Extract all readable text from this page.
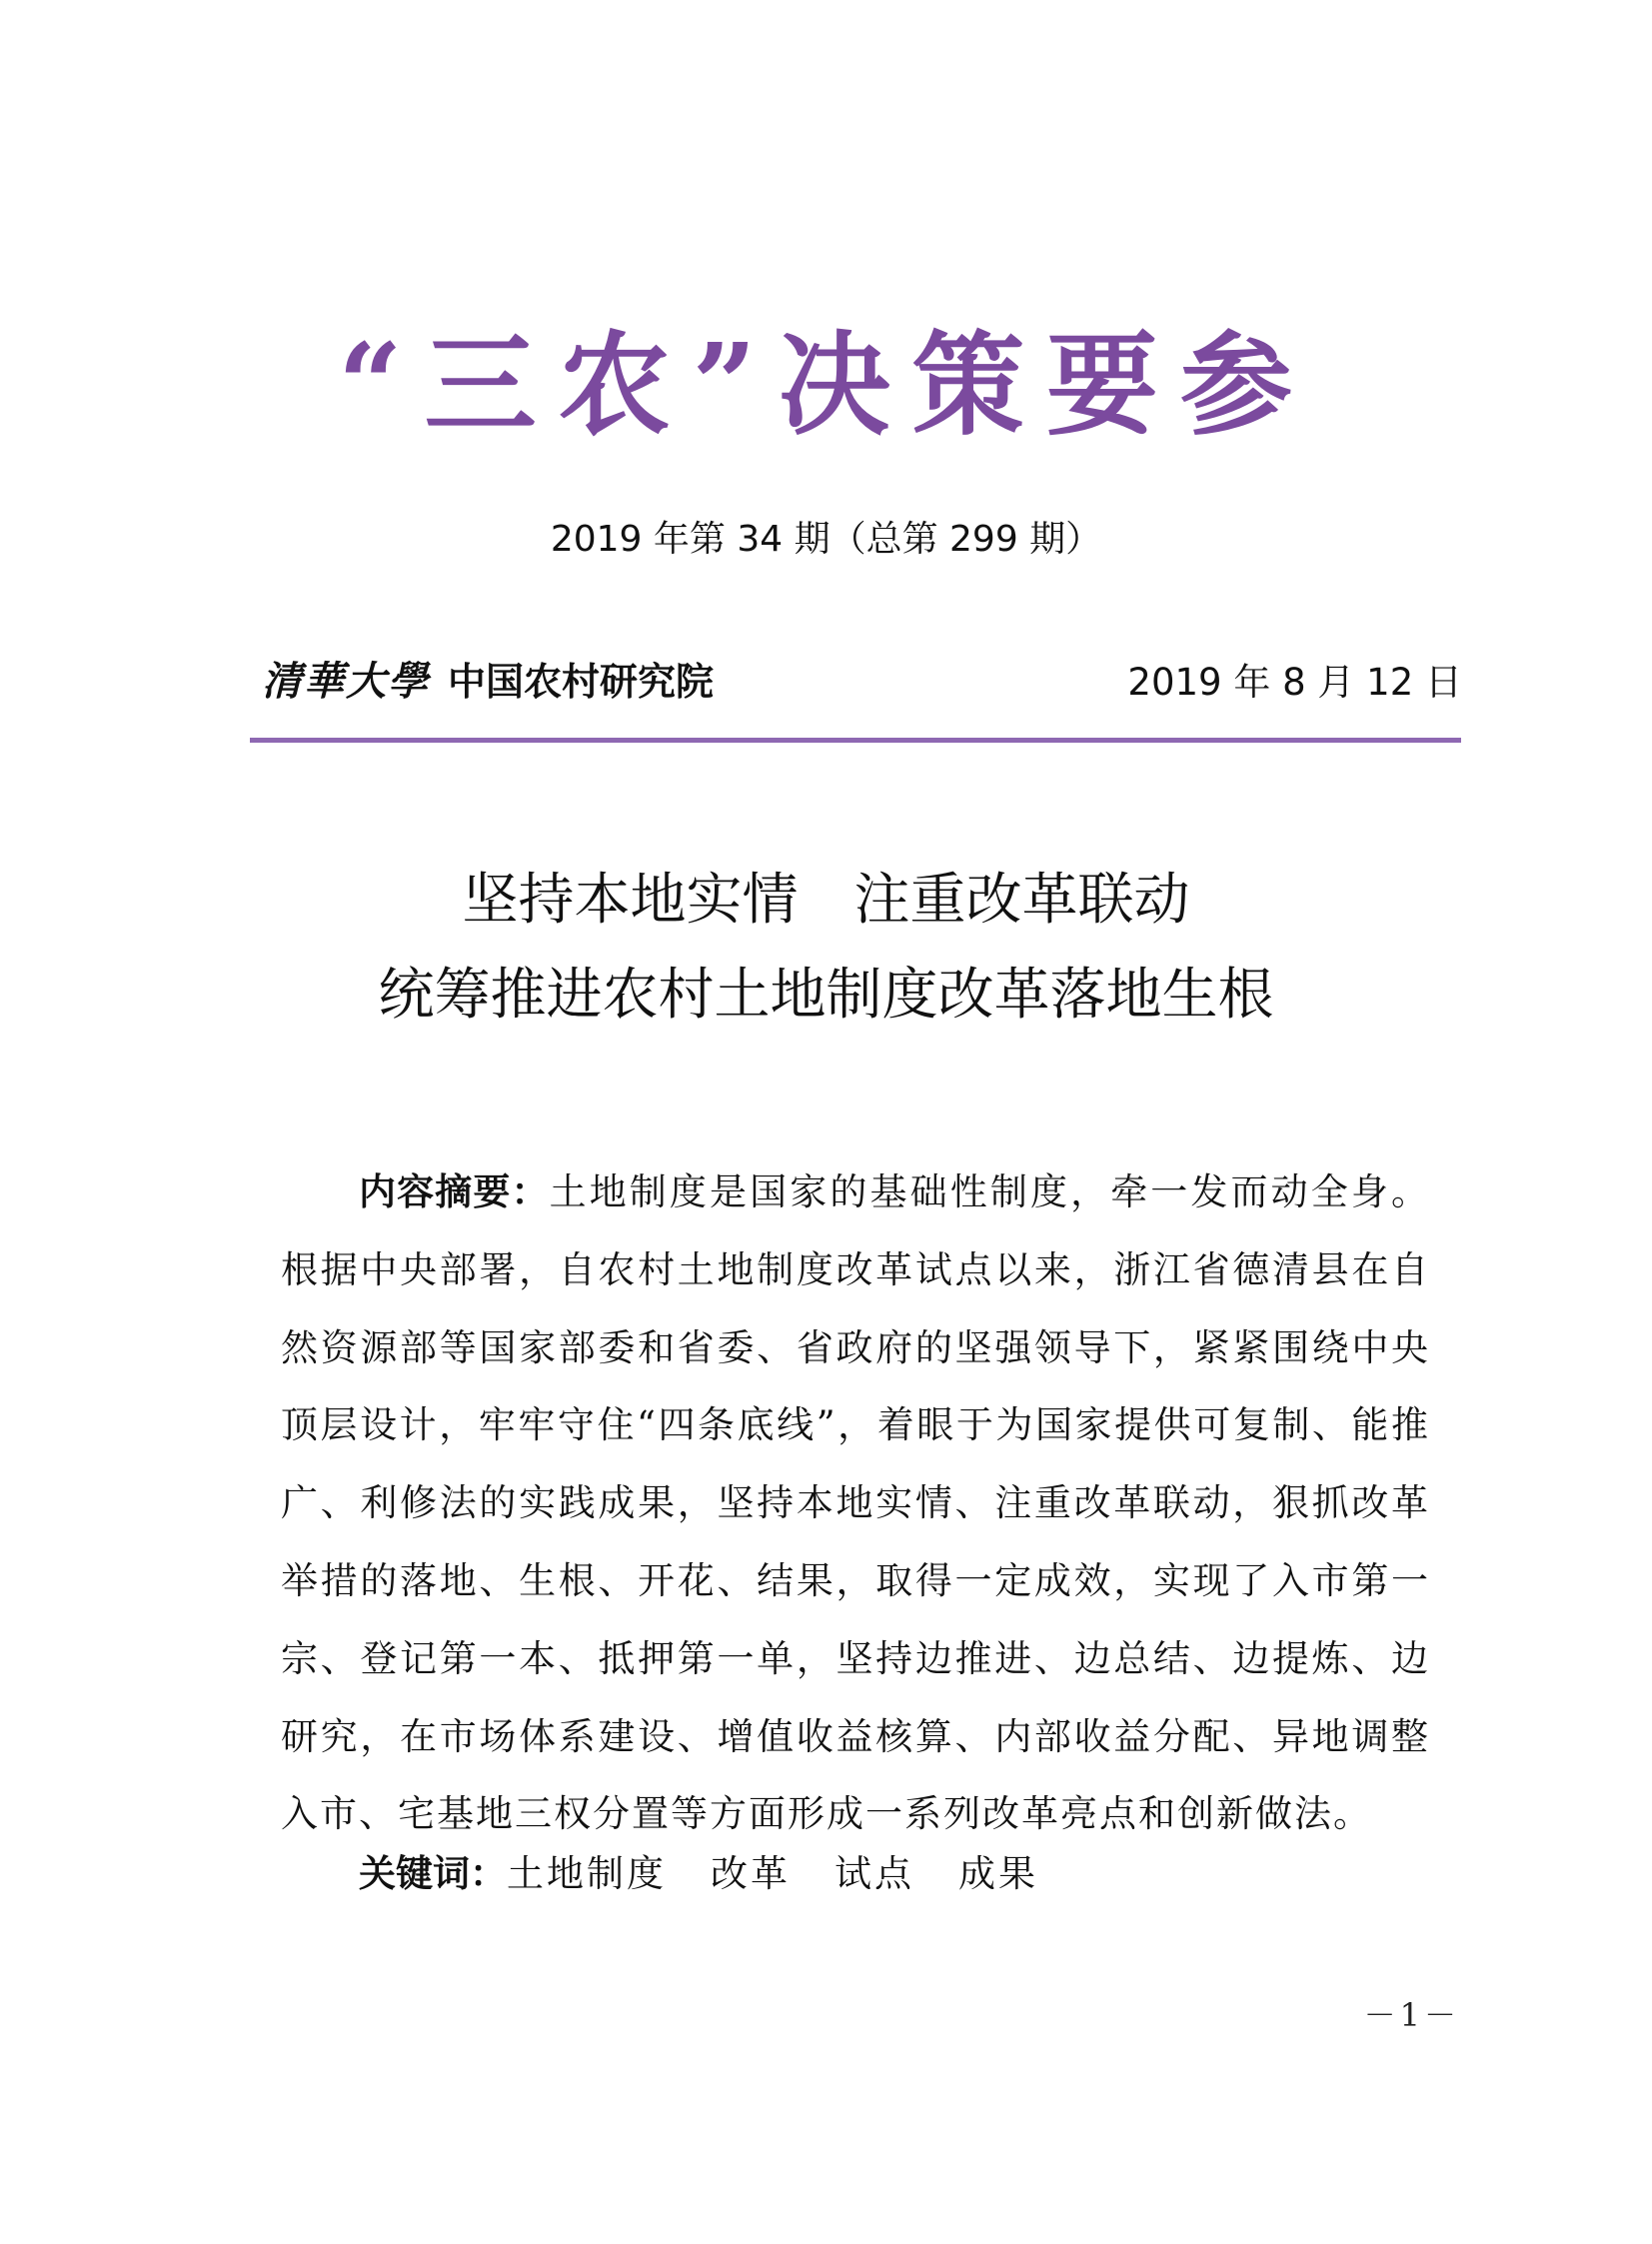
“三农”决策要参
2019 年第 34 期（总第 299 期）
清華大學 中国农村研究院	2019 年 8 月 12 日
坚持本地实情 注重改革联动
统筹推进农村土地制度改革落地生根
内容摘要：土地制度是国家的基础性制度，牵一发而动全身。根据中央部署，自农村土地制度改革试点以来，浙江省德清县在自然资源部等国家部委和省委、省政府的坚强领导下，紧紧围绕中央顶层设计，牢牢守住“四条底线”，着眼于为国家提供可复制、能推广、利修法的实践成果，坚持本地实情、注重改革联动，狠抓改革举措的落地、生根、开花、结果，取得一定成效，实现了入市第一宗、登记第一本、抵押第一单，坚持边推进、边总结、边提炼、边研究，在市场体系建设、增值收益核算、内部收益分配、异地调整入市、宅基地三权分置等方面形成一系列改革亮点和创新做法。
关键词：土地制度 改革 试点 成果
－1－
